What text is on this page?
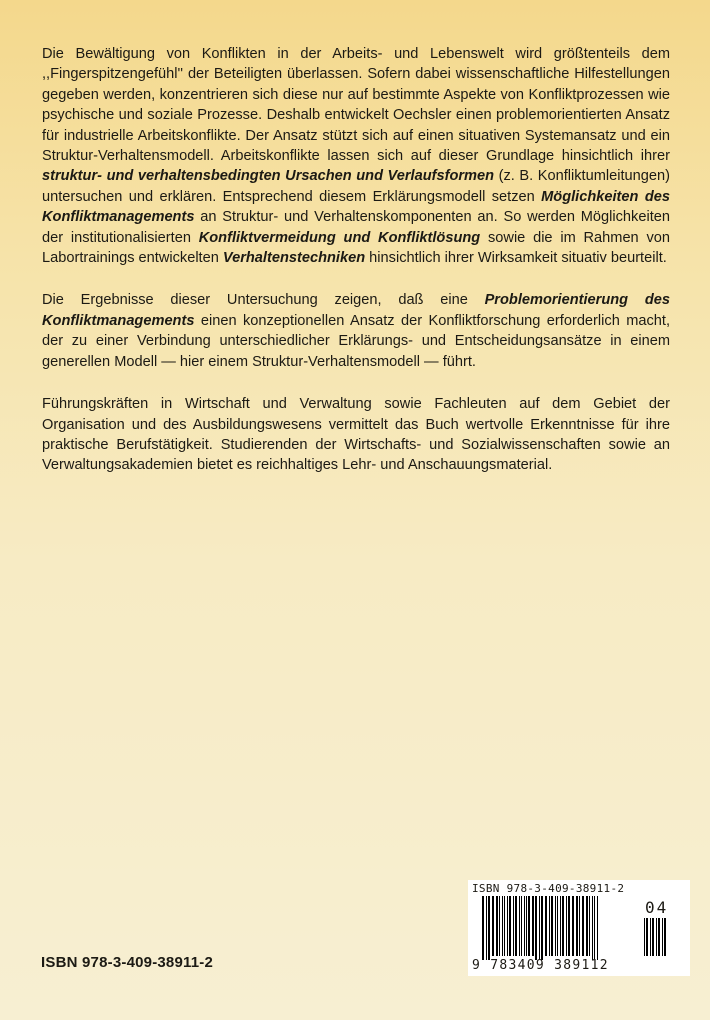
Die Bewältigung von Konflikten in der Arbeits- und Lebenswelt wird größtenteils dem ,,Fingerspitzengefühl'' der Beteiligten überlassen. Sofern dabei wissenschaftliche Hilfestellungen gegeben werden, konzentrieren sich diese nur auf bestimmte Aspekte von Konfliktprozessen wie psychische und soziale Prozesse. Deshalb entwickelt Oechsler einen problemorientierten Ansatz für industrielle Arbeitskonflikte. Der Ansatz stützt sich auf einen situativen Systemansatz und ein Struktur-Verhaltensmodell. Arbeitskonflikte lassen sich auf dieser Grundlage hinsichtlich ihrer struktur- und verhaltensbedingten Ursachen und Verlaufsformen (z. B. Konfliktumleitungen) untersuchen und erklären. Entsprechend diesem Erklärungsmodell setzen Möglichkeiten des Konfliktmanagements an Struktur- und Verhaltenskomponenten an. So werden Möglichkeiten der institutionalisierten Konfliktvermeidung und Konfliktlösung sowie die im Rahmen von Labortrainings entwickelten Verhaltenstechniken hinsichtlich ihrer Wirksamkeit situativ beurteilt.

Die Ergebnisse dieser Untersuchung zeigen, daß eine Problemorientierung des Konfliktmanagements einen konzeptionellen Ansatz der Konfliktforschung erforderlich macht, der zu einer Verbindung unterschiedlicher Erklärungs- und Entscheidungsansätze in einem generellen Modell — hier einem Struktur-Verhaltensmodell — führt.

Führungskräften in Wirtschaft und Verwaltung sowie Fachleuten auf dem Gebiet der Organisation und des Ausbildungswesens vermittelt das Buch wertvolle Erkenntnisse für ihre praktische Berufstätigkeit. Studierenden der Wirtschafts- und Sozialwissenschaften sowie an Verwaltungsakademien bietet es reichhaltiges Lehr- und Anschauungsmaterial.

ISBN 978-3-409-38911-2
04
9 783409 389112
ISBN 978-3-409-38911-2
